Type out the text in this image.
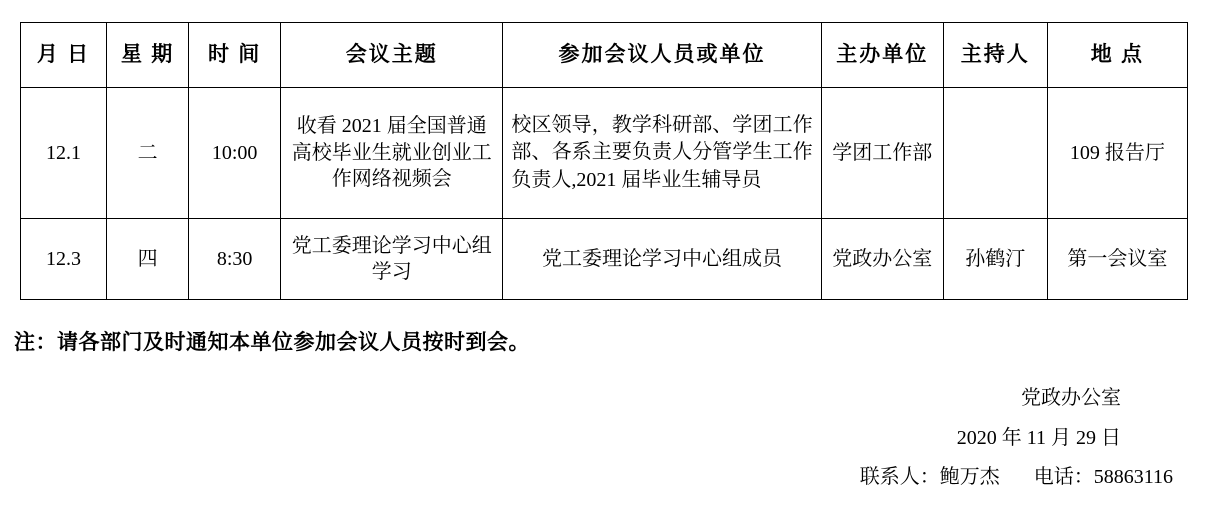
月 日	星 期	时 间	会议主题	参加会议人员或单位	主办单位	主持人	地 点
12.1	二	10:00	收看 2021 届全国普通高校毕业生就业创业工作网络视频会	校区领导，教学科研部、学团工作部、各系主要负责人分管学生工作负责人,2021 届毕业生辅导员	学团工作部		109 报告厅
12.3	四	8:30	党工委理论学习中心组学习	党工委理论学习中心组成员	党政办公室	孙鹤汀	第一会议室
注：请各部门及时通知本单位参加会议人员按时到会。
党政办公室
2020 年 11 月 29 日
联系人：鲍万杰 电话：58863116
